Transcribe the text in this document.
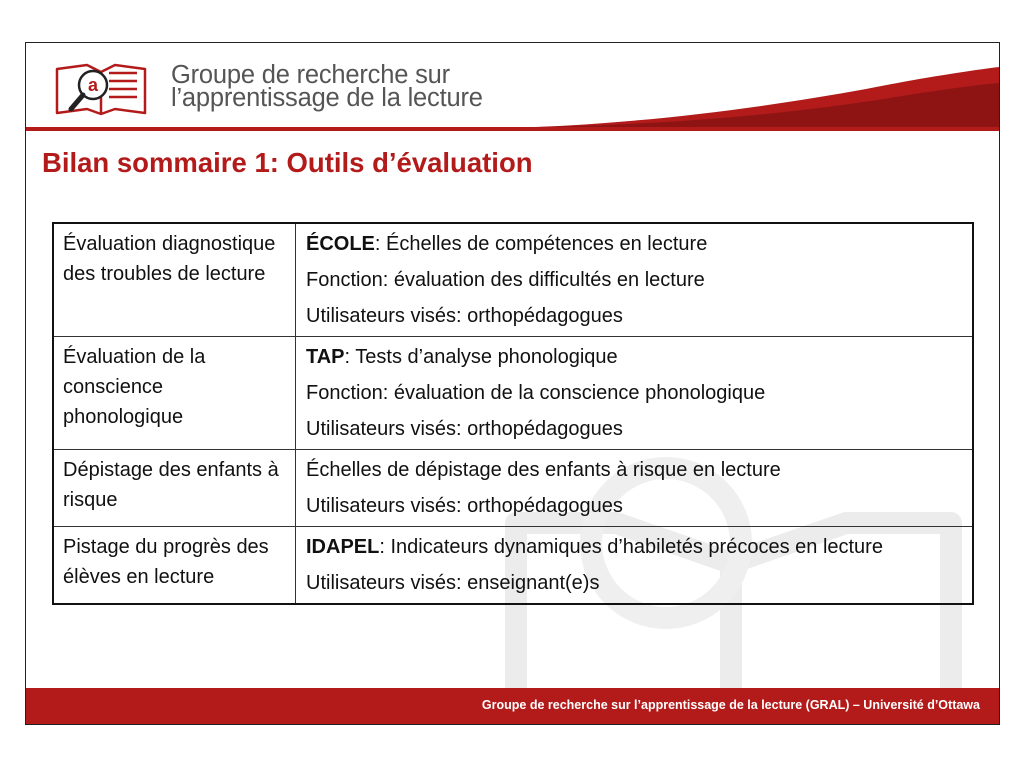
a	Groupe de recherche sur
l’apprentissage de la lecture
Bilan sommaire 1: Outils d’évaluation
Évaluation diagnostique des troubles de lecture	ÉCOLE: Échelles de compétences en lecture

Fonction: évaluation des difficultés en lecture

Utilisateurs visés: orthopédagogues

Évaluation de la conscience phonologique	TAP: Tests d’analyse phonologique

Fonction: évaluation de la conscience phonologique

Utilisateurs visés: orthopédagogues

Dépistage des enfants à risque	Échelles de dépistage des enfants à risque en lecture

Utilisateurs visés: orthopédagogues

Pistage du progrès des élèves en lecture	IDAPEL: Indicateurs dynamiques d’habiletés précoces en lecture

Utilisateurs visés: enseignant(e)s

Groupe de recherche sur l’apprentissage de la lecture (GRAL) – Université d’Ottawa
